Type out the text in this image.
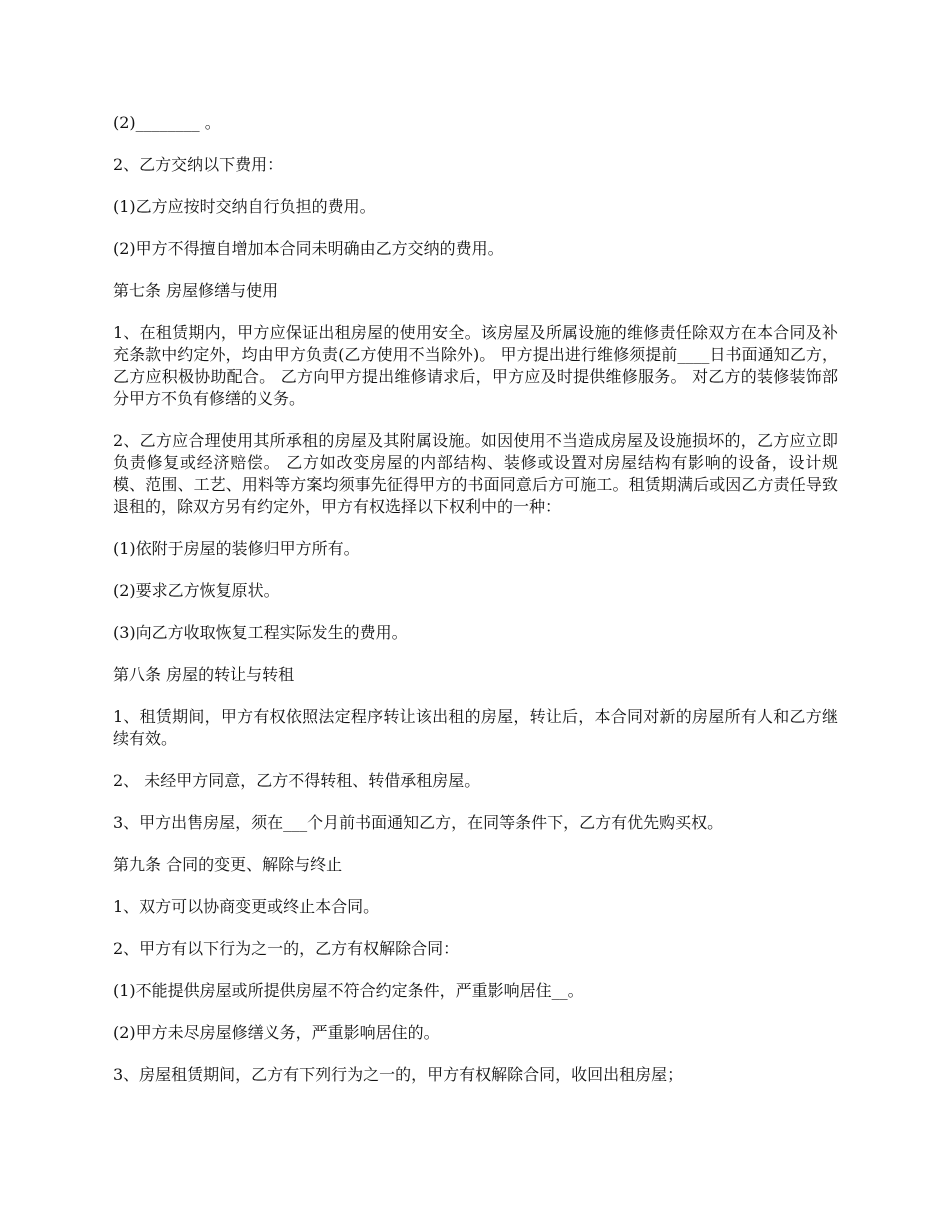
(2)________ 。

2、乙方交纳以下费用：

(1)乙方应按时交纳自行负担的费用。

(2)甲方不得擅自增加本合同未明确由乙方交纳的费用。

第七条 房屋修缮与使用

1、在租赁期内，甲方应保证出租房屋的使用安全。该房屋及所属设施的维修责任除双方在本合同及补充条款中约定外，均由甲方负责(乙方使用不当除外)。 甲方提出进行维修须提前____日书面通知乙方，乙方应积极协助配合。 乙方向甲方提出维修请求后，甲方应及时提供维修服务。 对乙方的装修装饰部分甲方不负有修缮的义务。

2、乙方应合理使用其所承租的房屋及其附属设施。如因使用不当造成房屋及设施损坏的，乙方应立即负责修复或经济赔偿。 乙方如改变房屋的内部结构、装修或设置对房屋结构有影响的设备，设计规模、范围、工艺、用料等方案均须事先征得甲方的书面同意后方可施工。租赁期满后或因乙方责任导致退租的，除双方另有约定外，甲方有权选择以下权利中的一种：

(1)依附于房屋的装修归甲方所有。

(2)要求乙方恢复原状。

(3)向乙方收取恢复工程实际发生的费用。

第八条 房屋的转让与转租

1、租赁期间，甲方有权依照法定程序转让该出租的房屋，转让后，本合同对新的房屋所有人和乙方继续有效。

2、 未经甲方同意，乙方不得转租、转借承租房屋。

3、甲方出售房屋，须在___个月前书面通知乙方，在同等条件下，乙方有优先购买权。

第九条 合同的变更、解除与终止

1、双方可以协商变更或终止本合同。

2、甲方有以下行为之一的，乙方有权解除合同：

(1)不能提供房屋或所提供房屋不符合约定条件，严重影响居住__。

(2)甲方未尽房屋修缮义务，严重影响居住的。

3、房屋租赁期间，乙方有下列行为之一的，甲方有权解除合同，收回出租房屋；
